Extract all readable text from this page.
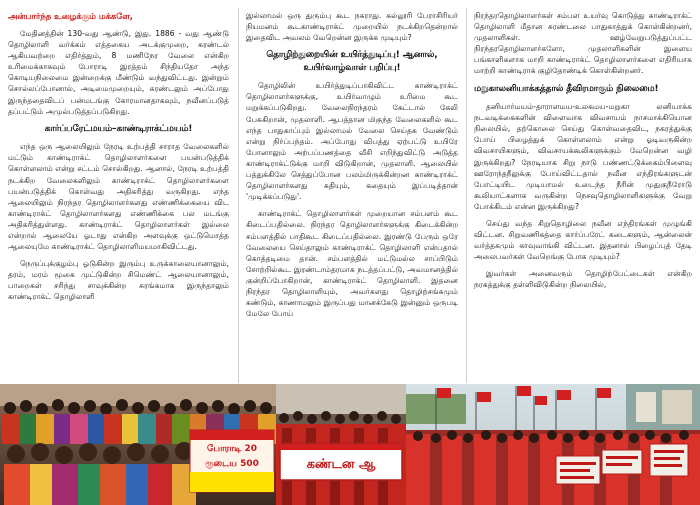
அன்பார்ந்த உழைக்கும் மக்களே,

மேதினத்தின் 130-வது ஆண்டு, இது. 1886 - வது ஆண்டு தொழிலாளி வர்க்கம் எத்தகைய அடக்குமுறை, சுரண்டல் ஆகியவற்றை எதிர்த்தும், 8 மணிநேர வேலை என்கிற உரிமைக்காகவும் போராடி இரத்தம் சிந்தியதோ அந்த கொடியநிலைமை இன்றைக்கு மீண்டும் வந்துவிட்டது. இன்றும் சொல்லப்போனால், அடிமைமுறையும், சுரண்டலும் அப்போது இருந்ததைவிடப் பன்மடங்கு கோரமானதாகவும், நவீனப்படுத் தப்பட்டும் அமுல்படுத்தப்படுகிறது.

கார்ப்பரேட்மயம்–காண்டிராக்ட்மயம்!

எந்த ஒரு ஆலையிலும் நேரடி உற்பத்தி சாராத வேலைகளில் மட்டும் காண்டிராக்ட் தொழிலாளர்களை பயன்படுத்திக் கொள்ளலாம் என்று சட்டம் சொல்கிறது. ஆனால், நேரடி உற்பத்தி நடக்கிற வேலைகளிலும் காண்டிராக்ட் தொழிலாளர்களை பயன்படுத்திக் கொள்வது அதிகரித்து வருகிறது. எந்த ஆலையிலும் நிரந்தர தொழிலாளர்களது எண்ணிக்கையை விட காண்டிராக்ட் தொழிலாளர்களது எண்ணிக்கை பல மடங்கு அதிகரித்துள்ளது. காண்டிராக்ட் தொழிலாளர்கள் இல்லை என்றால் ஆலையே ஓடாது என்கிற அளவுக்கு ஒட்டுமொத்த ஆலையுமே காண்டிராக்ட் தொழிலாளிமயமாகிவிட்டது.

நெருப்புக்குழம்பு ஓடுகின்ற இரும்பு உருக்காலையானாலும், தரம், மரம் மூகை முட்டுகின்ற சிமெண்ட் ஆலையானாலும், பாறைகள் சரிந்து சாவுக்கின்ற சுரங்கமாக இருந்தாலும் காண்டிராக்ட் தொழிலாளி

இல்லாமல் ஒரு துரும்பு கூட நகராது. கல்லூரி பேராசிரியர் நியமனம் கூடகாண்டிராக்ட் முறையில் நடக்கிறதென்றால் இதைவிட அவலம் வேறென்ன இருக்க முடியும்?

தொழிற்துறையின் உயிர்த்துடிப்பு! ஆனால், உயிர்வாழ்வாள் பறிப்பு!

தொழிலின் உயிர்த்துடிப்பாகிவிட்ட காண்டிராக்ட் தொழிலாளர்களுக்கு, உயிர்வாழும் உரிமை கூட மறுக்கப்படுகிறது. வேலைநிரந்தரம் கேட்டால் கேலி பேசுகிறான், முதலாளி. ஆபத்தான மிகுந்த வேலைகளில் கூட எந்த பாதுகாப்பும் இல்லாமல் வேலை செய்தக வேண்டும் என்று நிர்ப்பந்தம். அப்போது விபத்து ஏற்பட்டு உயிரே போனாலும் அற்பப்பணத்தை வீசி எறிந்துவிட்டு அடுத்த காண்டிராக்ட்டுக்கு மாறி விடுகிறான், முதலாளி. ஆலையில் பத்துக்கிலே செத்துப்போன பலம்மிருக்கின்றன காண்டிராக்ட் தொழிலாளர்களது கதியும், கதையும் இப்படித்தான் 'முடிக்கப்படுது'.

காண்டிராக்ட் தொழிலாளர்கள் முறையான சம்பளம் கூட கிடைப்பதில்லை. நிரந்தர தொழிலாளர்களுக்கு கிடைக்கின்ற சம்பளத்தில் பாதிகூட கிடைப்பதில்லை. இரண்டு பேரும் ஒரே வேலையை செய்தாலும் காண்டிராக்ட் தொழிலாளி என்பதால் கொத்தடிமை தான். சம்பளத்தில் மட்டுமல்ல சாப்பிடும் சோற்றில்கூட இரண்டாம்தரமாக நடத்தப்பட்டு, அவமானத்தில் குன்றிப்போகிறான், காண்டிராக்ட் தொழிலாளி. இதனை நிரந்தர தொழிலாளியும், அவர்களது தொழிற்சங்கமும் கண்டும், காணாமலும் இருப்பது மானக்கேடு இன்னும் ஒருபடி மேலே போய்

நிரந்தரதொழிலாளர்கள் சம்பள உயர்வு கொடுத்து காண்டிராக்ட் தொழிலாளி மீதான சுரண்டலை பாதுகாத்துக் கொள்கின்றனர், முதலாளிகள். ஊழ்வேறுபடுத்துப்பட்ட நிரந்தரதொழிலாளர்களோ, முதலாளிகளின் இளைய பங்காளிகளாக மாறி காண்டிராக்ட் தொழிலாளர்களை எதிரியாக மாற்றி காண்டிராக் குழிதோண்டிக் கொள்கின்றனர்.

மறுகாலனியாக்கத்தால் தீவிரமாகும் நிலைமை!

தனியார்மயம்-தாராளமய-உலகமய-மறுகா லனியாக்க நடவடிக்கைகளின் விளைவாக விவசாயம் நாசமாக்கியொன நிலையில், தற்கொலை செய்து கொள்வதைவிட, நகரத்துக்கு போய் பிழைத்துக் கொள்ளலாம் என்று ஓடிவருகின்ற விவசாயிகளும், விவசாயக்கூலிகளுக்கும் வேறென்ன வழி இருக்கிறது? நேரடியாக சிறு நாடு பண்ணட்டுக்கைம்பிளைவு ஊரோந்தநீலுக்கு போய்விட்டதால் நவீன எந்திரங்களுடன் போட்டியிட முடியாமல் உடைந்த நீரின் முதுகுநீரோடு கூலியாட்களாக வருகின்ற நெசவுதொழிலாளிகளுக்கு வேறு போக்கிடம் என்ன இருக்கிறது?

செய்து வந்த சிறுதொழிலை நவீன எந்திரங்கள் முழுங்கி விட்டன. சிறுவணிகத்தை கார்ப்பரேட் கடைகளும், ஆன்லைன் வர்த்தகமும் காவுவாங்கி விட்டன. இதனால் பிழைப்புத் தேடி அலைபவர்கள் வேறெங்கு போக முடியும்?

இவர்கள் அனைவரும் தொழிற்பேட்டைகள் என்கிற நரகத்துக்கு தள்ளிவிடுகின்ற நிலையில்,

போராடி 20 ரூடைய 500	கண்டன ஆ
